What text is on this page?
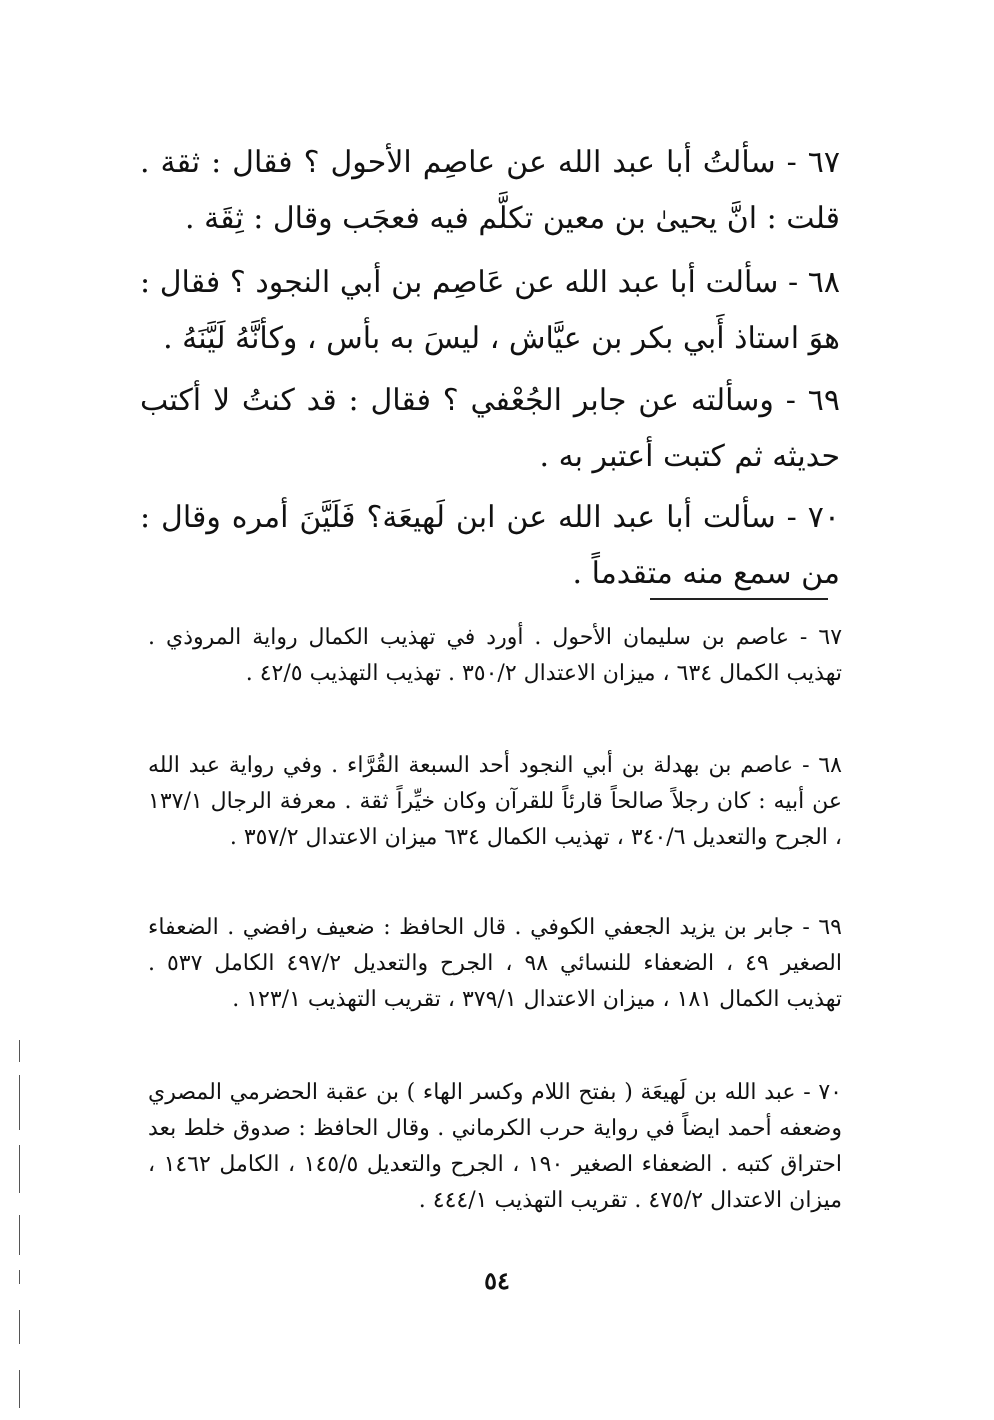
٦٧ - سألتُ أبا عبد الله عن عاصِم الأحول ؟ فقال : ثقة . قلت : انَّ يحيىٰ بن معين تكلَّم فيه فعجَب وقال : ثِقَة .

٦٨ - سألت أبا عبد الله عن عَاصِم بن أبي النجود ؟ فقال : هوَ استاذ أَبي بكر بن عيَّاش ، ليسَ به بأس ، وكأنَّهُ لَيَّنَهُ .

٦٩ - وسألته عن جابر الجُعْفي ؟ فقال : قد كنتُ لا أكتب حديثه ثم كتبت أعتبر به .

٧٠ - سألت أبا عبد الله عن ابن لَهيعَة؟ فَلَيَّنَ أمره وقال : من سمع منه متقدماً .

٦٧ - عاصم بن سليمان الأحول . أورد في تهذيب الكمال رواية المروذي . تهذيب الكمال ٦٣٤ ، ميزان الاعتدال ٣٥٠/٢ . تهذيب التهذيب ٤٢/٥ .

٦٨ - عاصم بن بهدلة بن أبي النجود أحد السبعة القُرَّاء . وفي رواية عبد الله عن أبيه : كان رجلاً صالحاً قارئاً للقرآن وكان خيِّراً ثقة . معرفة الرجال ١٣٧/١ ، الجرح والتعديل ٣٤٠/٦ ، تهذيب الكمال ٦٣٤ ميزان الاعتدال ٣٥٧/٢ .

٦٩ - جابر بن يزيد الجعفي الكوفي . قال الحافظ : ضعيف رافضي . الضعفاء الصغير ٤٩ ، الضعفاء للنسائي ٩٨ ، الجرح والتعديل ٤٩٧/٢ الكامل ٥٣٧ . تهذيب الكمال ١٨١ ، ميزان الاعتدال ٣٧٩/١ ، تقريب التهذيب ١٢٣/١ .

٧٠ - عبد الله بن لَهيعَة ( بفتح اللام وكسر الهاء ) بن عقبة الحضرمي المصري وضعفه أحمد ايضاً في رواية حرب الكرماني . وقال الحافظ : صدوق خلط بعد احتراق كتبه . الضعفاء الصغير ١٩٠ ، الجرح والتعديل ١٤٥/٥ ، الكامل ١٤٦٢ ، ميزان الاعتدال ٤٧٥/٢ . تقريب التهذيب ٤٤٤/١ .

٥٤
